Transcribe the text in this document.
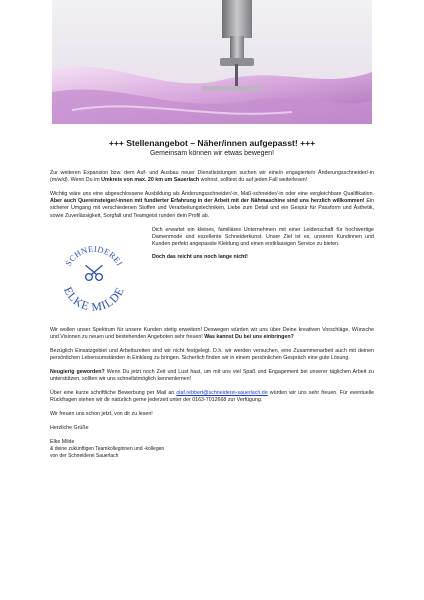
+++ Stellenangebot – Näher/innen aufgepasst! +++
Gemeinsam können wir etwas bewegen!

Zur weiteren Expansion bzw. dem Auf- und Ausbau neuer Dienstleistungen suchen wir eine/n engagierte/n Änderungsschneider/-in (m/w/d). Wenn Du im Umkreis von max. 20 km um Sauerlach wohnst, solltest du auf jeden Fall weiterlesen!

Wichtig wäre uns eine abgeschlossene Ausbildung als Änderungsschneider/-in, Maß-schneider/-in oder eine vergleichbare Qualifikation. Aber auch Quereinsteiger/-innen mit fundierter Erfahrung in der Arbeit mit der Nähmaschine sind uns herzlich willkommen! Ein sicherer Umgang mit verschiedenen Stoffen und Verarbeitungstechniken, Liebe zum Detail und ein Gespür für Passform und Ästhetik, sowie Zuverlässigkeit, Sorgfalt und Teamgeist runden dein Profil ab.

SCHNEIDEREI
ELKE MILDE

Dich erwartet ein kleines, familiäres Unternehmen mit einer Leidenschaft für hochwertige Damenmode und exzellente Schneiderkunst. Unser Ziel ist es, unseren Kundinnen und Kunden perfekt angepasste Kleidung und einen erstklassigen Service zu bieten.

Doch das reicht uns noch lange nicht!

Wir wollen unser Spektrum für unsere Kunden stetig erweitern! Deswegen würden wir uns über Deine kreativen Vorschläge, Wünsche und Visionen zu neuen und bestehenden Angeboten sehr freuen! Was kannst Du bei uns einbringen?

Bezüglich Einsatzgebiet und Arbeitszeiten sind wir nicht festgelegt. D.h. wir werden versuchen, eine Zusammenarbeit auch mit deinen persönlichen Lebensumständen in Einklang zu bringen. Sicherlich finden wir in einem persönlichen Gespräch eine gute Lösung.

Neugierig geworden? Wenn Du jetzt noch Zeit und Lust hast, um mit uns viel Spaß und Engagement bei unserer täglichen Arbeit zu unterstützen, sollten wir uns schnellstmöglich kennenlernen!

Über eine kurze schriftliche Bewerbung per Mail an olaf.rebbert@schneiderei-sauerlach.de würden wir uns sehr freuen. Für eventuelle Rückfragen stehen wir dir natürlich gerne jederzeit unter der 0163-7012668 zur Verfügung.

Wir freuen uns schon jetzt, von dir zu lesen!

Herzliche Grüße

Elke Milde

& deine zukünftigen Teamkolleginnen und -kollegen

von der Schneiderei Sauerlach
